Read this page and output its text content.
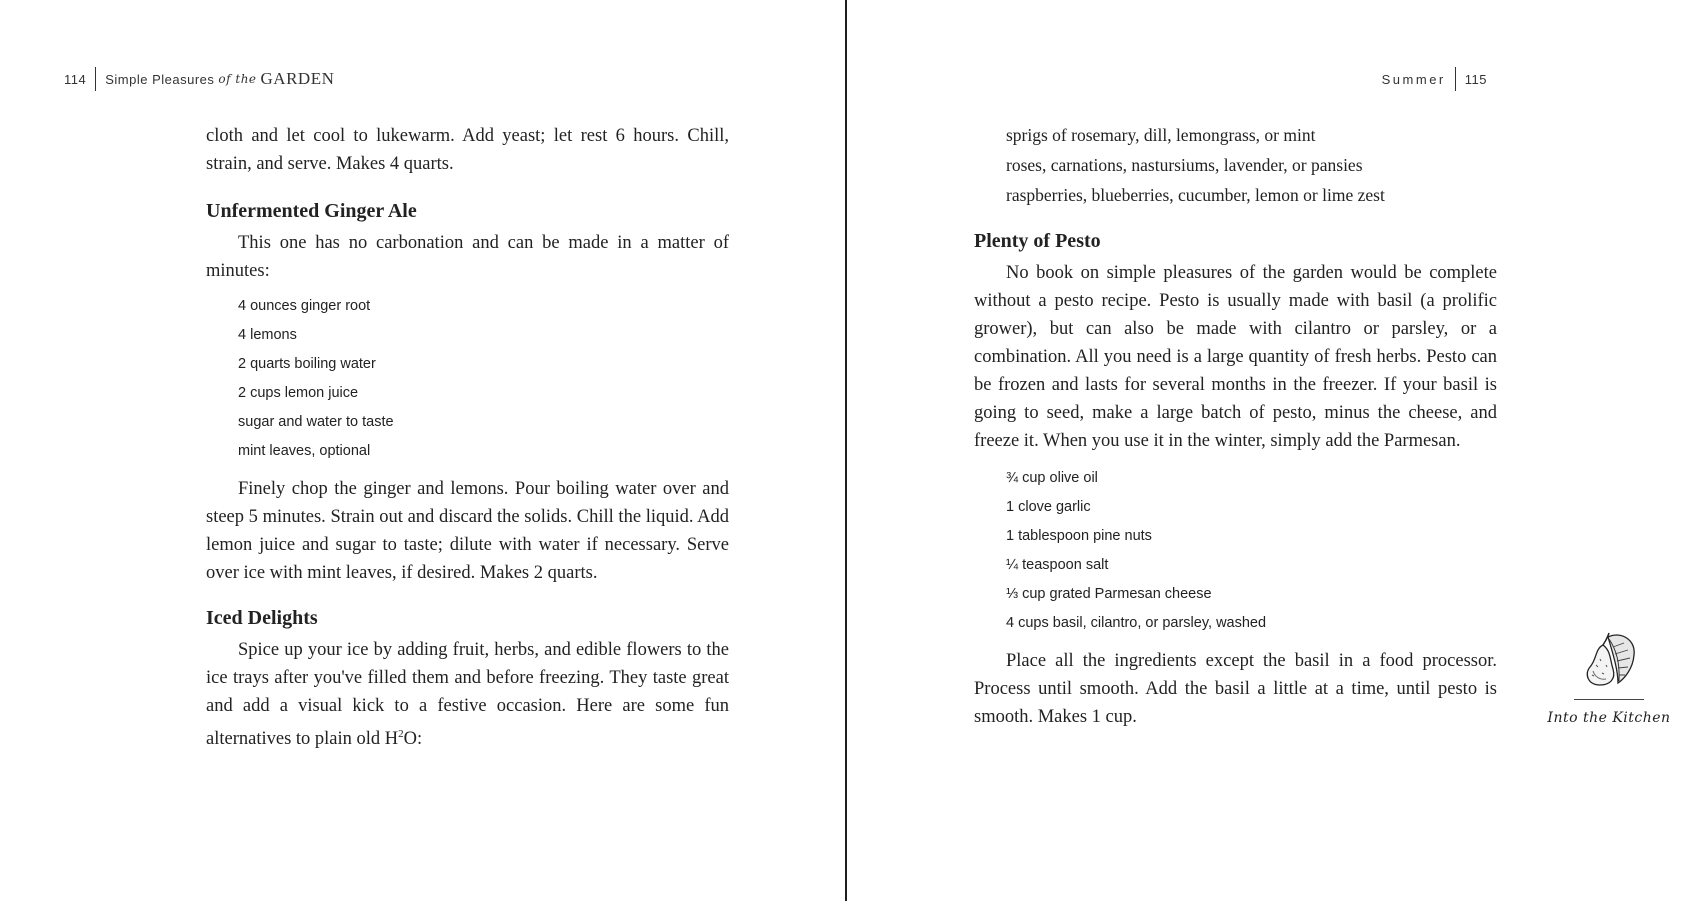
114 Simple Pleasures of the GARDEN

cloth and let cool to lukewarm. Add yeast; let rest 6 hours. Chill, strain, and serve. Makes 4 quarts.

Unfermented Ginger Ale

This one has no carbonation and can be made in a matter of minutes:

4 ounces ginger root
4 lemons
2 quarts boiling water
2 cups lemon juice
sugar and water to taste
mint leaves, optional

Finely chop the ginger and lemons. Pour boiling water over and steep 5 minutes. Strain out and discard the solids. Chill the liquid. Add lemon juice and sugar to taste; dilute with water if necessary. Serve over ice with mint leaves, if desired. Makes 2 quarts.

Iced Delights

Spice up your ice by adding fruit, herbs, and edible flowers to the ice trays after you've filled them and before freezing. They taste great and add a visual kick to a festive occasion. Here are some fun alternatives to plain old $H^2O$:

Summer 115
sprigs of rosemary, dill, lemongrass, or mint
roses, carnations, nastursiums, lavender, or pansies
raspberries, blueberries, cucumber, lemon or lime zest
Plenty of Pesto

No book on simple pleasures of the garden would be complete without a pesto recipe. Pesto is usually made with basil (a prolific grower), but can also be made with cilantro or parsley, or a combination. All you need is a large quantity of fresh herbs. Pesto can be frozen and lasts for several months in the freezer. If your basil is going to seed, make a large batch of pesto, minus the cheese, and freeze it. When you use it in the winter, simply add the Parmesan.

¾ cup olive oil
1 clove garlic
1 tablespoon pine nuts
¼ teaspoon salt
⅓ cup grated Parmesan cheese
4 cups basil, cilantro, or parsley, washed

Place all the ingredients except the basil in a food processor. Process until smooth. Add the basil a little at a time, until pesto is smooth. Makes 1 cup.	Into the Kitchen
